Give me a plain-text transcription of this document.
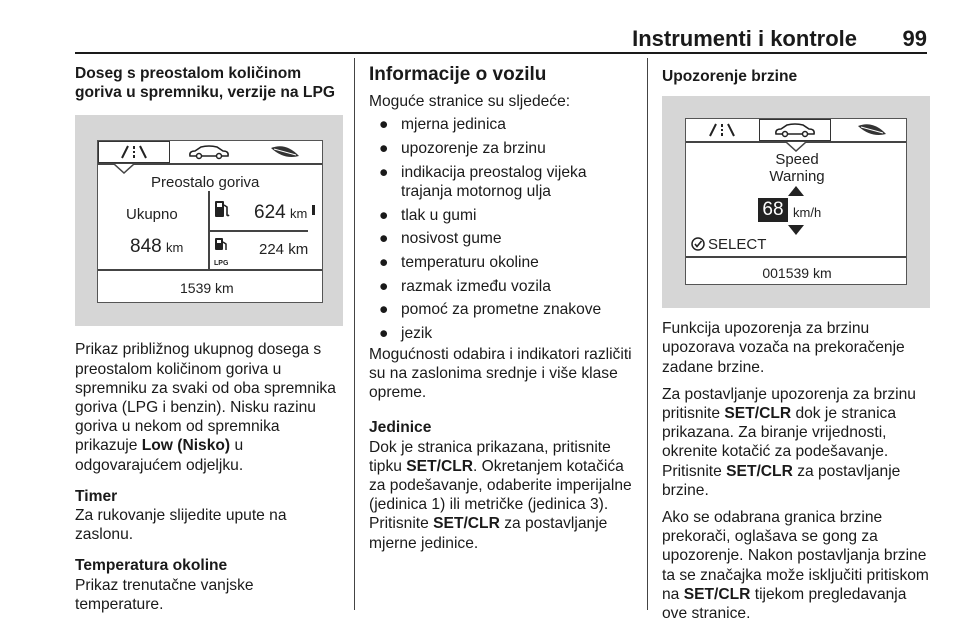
Instrumenti i kontrole 99
Doseg s preostalom količinom goriva u spremniku, verzije na LPG
Preostalo goriva
Ukupno
848 km
624 km
LPG
224 km
1539 km
Prikaz približnog ukupnog dosega s preostalom količinom goriva u spremniku za svaki od oba spremnika goriva (LPG i benzin). Nisku razinu goriva u nekom od spremnika prikazuje Low (Nisko) u odgovarajućem odjeljku.
Timer
Za rukovanje slijedite upute na zaslonu.
Temperatura okoline
Prikaz trenutačne vanjske temperature.
Informacije o vozilu
Moguće stranice su sljedeće:
● mjerna jedinica
● upozorenje za brzinu
● indikacija preostalog vijeka trajanja motornog ulja
● tlak u gumi
● nosivost gume
● temperaturu okoline
● razmak između vozila
● pomoć za prometne znakove
● jezik
Mogućnosti odabira i indikatori različiti su na zaslonima srednje i više klase opreme.
Jedinice
Dok je stranica prikazana, pritisnite tipku SET/CLR. Okretanjem kotačića za podešavanje, odaberite imperijalne (jedinica 1) ili metričke (jedinica 3). Pritisnite SET/CLR za postavljanje mjerne jedinice.
Upozorenje brzine
Speed
Warning
68 km/h
SELECT
001539 km
Funkcija upozorenja za brzinu upozorava vozača na prekoračenje zadane brzine.
Za postavljanje upozorenja za brzinu pritisnite SET/CLR dok je stranica prikazana. Za biranje vrijednosti, okrenite kotačić za podešavanje. Pritisnite SET/CLR za postavljanje brzine.
Ako se odabrana granica brzine prekorači, oglašava se gong za upozorenje. Nakon postavljanja brzine ta se značajka može isključiti pritiskom na SET/CLR tijekom pregledavanja ove stranice.
